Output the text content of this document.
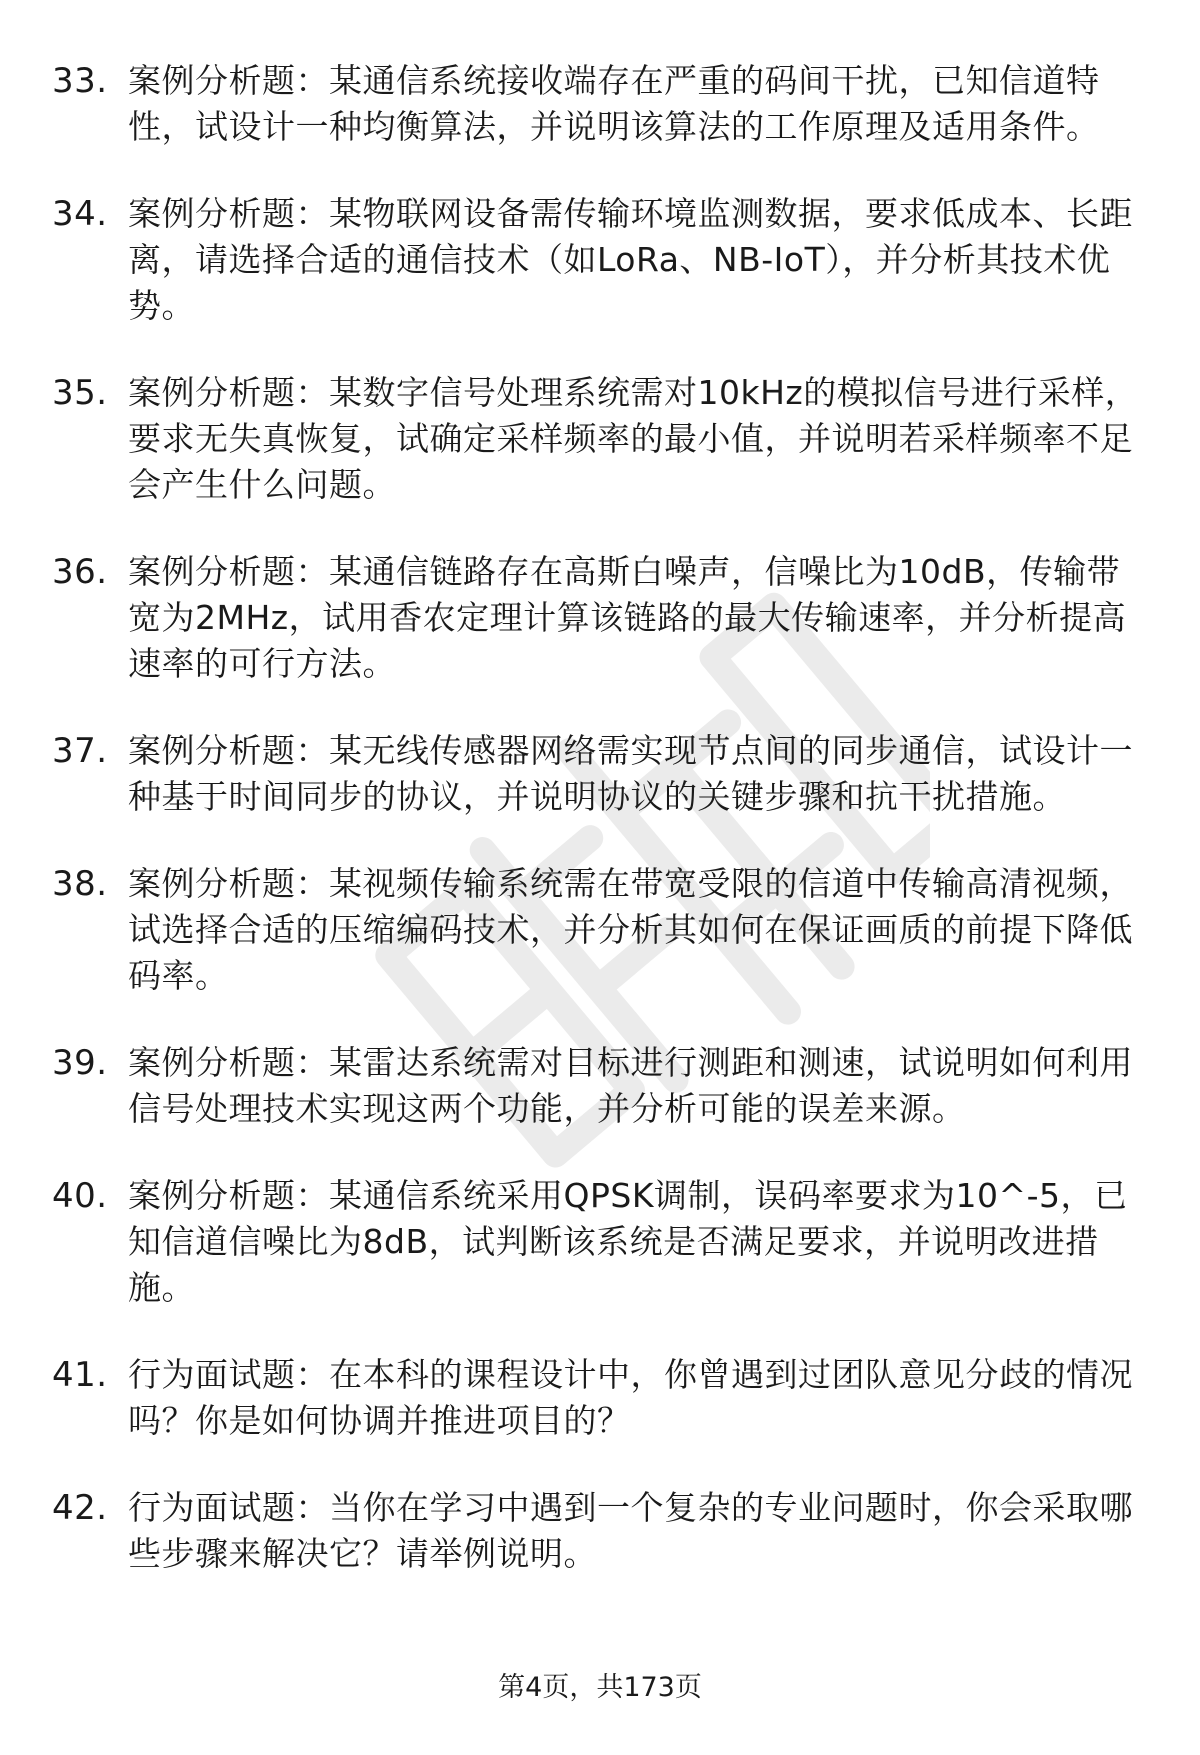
33. 案例分析题：某通信系统接收端存在严重的码间干扰，已知信道特性，试设计一种均衡算法，并说明该算法的工作原理及适用条件。
34. 案例分析题：某物联网设备需传输环境监测数据，要求低成本、长距离，请选择合适的通信技术（如LoRa、NB-IoT），并分析其技术优势。
35. 案例分析题：某数字信号处理系统需对10kHz的模拟信号进行采样，要求无失真恢复，试确定采样频率的最小值，并说明若采样频率不足会产生什么问题。
36. 案例分析题：某通信链路存在高斯白噪声，信噪比为10dB，传输带宽为2MHz，试用香农定理计算该链路的最大传输速率，并分析提高速率的可行方法。
37. 案例分析题：某无线传感器网络需实现节点间的同步通信，试设计一种基于时间同步的协议，并说明协议的关键步骤和抗干扰措施。
38. 案例分析题：某视频传输系统需在带宽受限的信道中传输高清视频，试选择合适的压缩编码技术，并分析其如何在保证画质的前提下降低码率。
39. 案例分析题：某雷达系统需对目标进行测距和测速，试说明如何利用信号处理技术实现这两个功能，并分析可能的误差来源。
40. 案例分析题：某通信系统采用QPSK调制，误码率要求为10^-5，已知信道信噪比为8dB，试判断该系统是否满足要求，并说明改进措施。
41. 行为面试题：在本科的课程设计中，你曾遇到过团队意见分歧的情况吗？你是如何协调并推进项目的？
42. 行为面试题：当你在学习中遇到一个复杂的专业问题时，你会采取哪些步骤来解决它？请举例说明。
第4页，共173页
